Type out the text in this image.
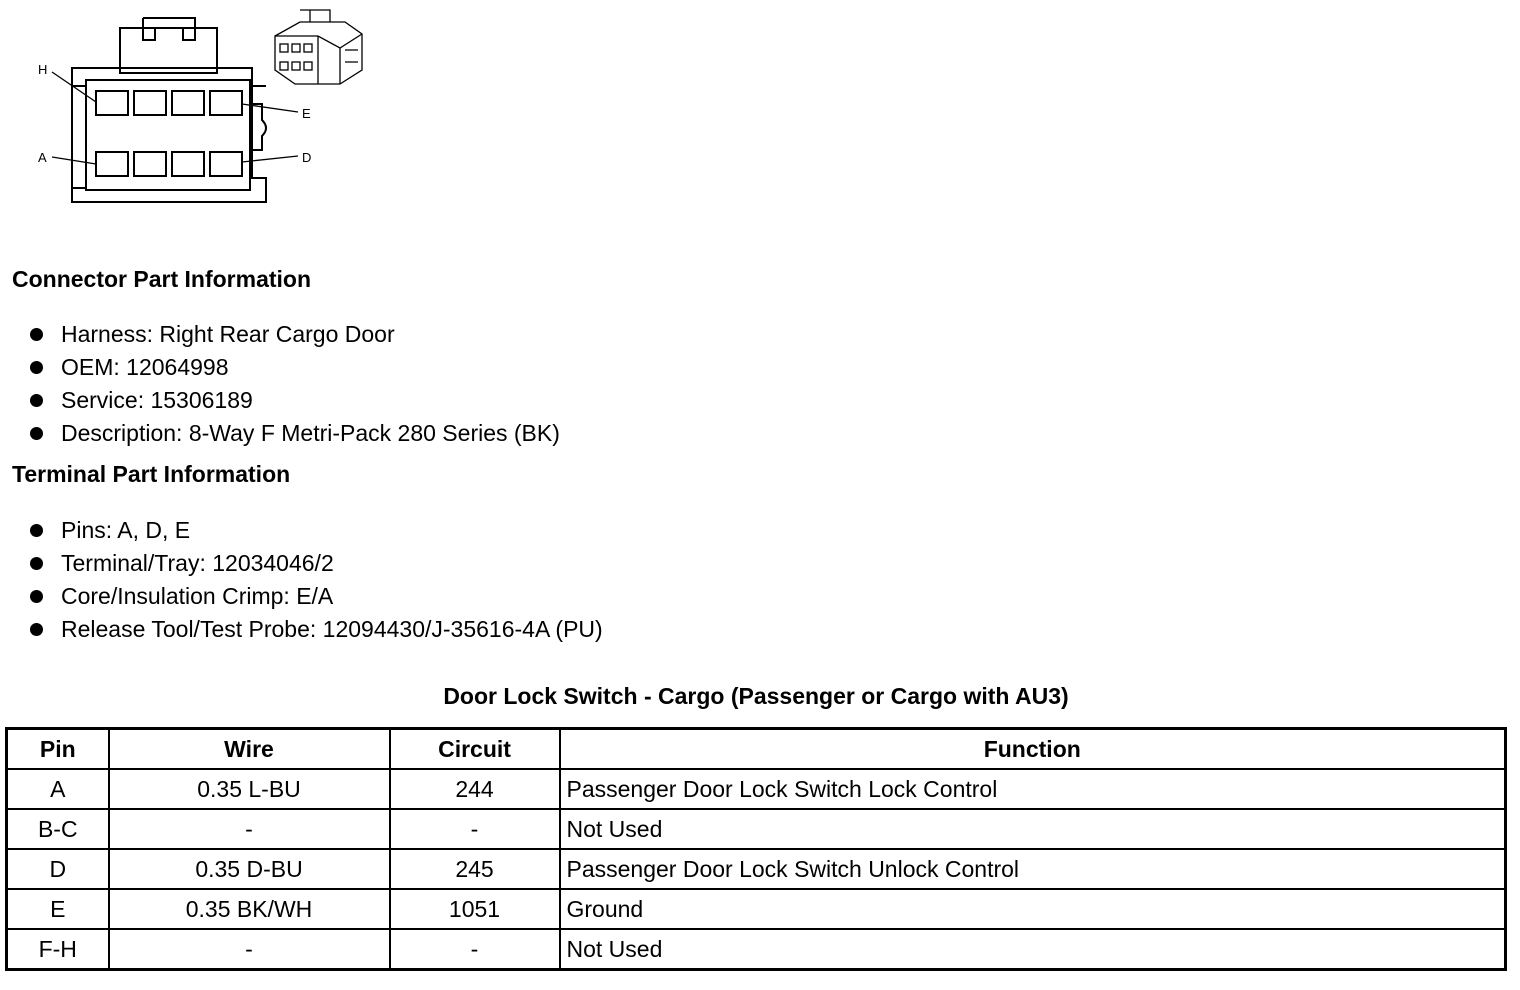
H
E
A	D
Connector Part Information
Harness: Right Rear Cargo Door
OEM: 12064998
Service: 15306189
Description: 8-Way F Metri-Pack 280 Series (BK)
Terminal Part Information
Pins: A, D, E
Terminal/Tray: 12034046/2
Core/Insulation Crimp: E/A
Release Tool/Test Probe: 12094430/J-35616-4A (PU)
Door Lock Switch - Cargo (Passenger or Cargo with AU3)
Pin	Wire	Circuit	Function
A	0.35 L-BU	244	Passenger Door Lock Switch Lock Control
B-C	-	-	Not Used
D	0.35 D-BU	245	Passenger Door Lock Switch Unlock Control
E	0.35 BK/WH	1051	Ground
F-H	-	-	Not Used
